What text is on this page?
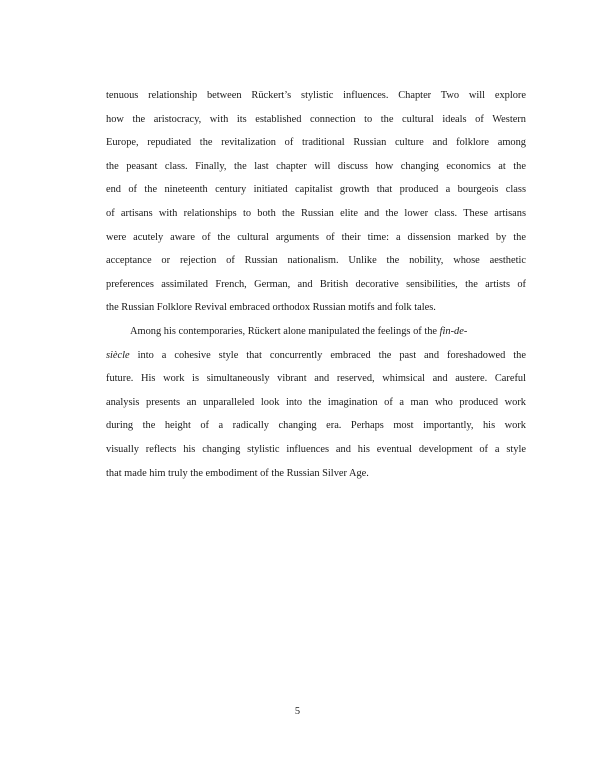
tenuous relationship between Rückert’s stylistic influences. Chapter Two will explore
how the aristocracy, with its established connection to the cultural ideals of Western
Europe, repudiated the revitalization of traditional Russian culture and folklore among
the peasant class. Finally, the last chapter will discuss how changing economics at the
end of the nineteenth century initiated capitalist growth that produced a bourgeois class
of artisans with relationships to both the Russian elite and the lower class. These artisans
were acutely aware of the cultural arguments of their time: a dissension marked by the
acceptance or rejection of Russian nationalism. Unlike the nobility, whose aesthetic
preferences assimilated French, German, and British decorative sensibilities, the artists of
the Russian Folklore Revival embraced orthodox Russian motifs and folk tales.
Among his contemporaries, Rückert alone manipulated the feelings of the fin-de-
siècle into a cohesive style that concurrently embraced the past and foreshadowed the
future. His work is simultaneously vibrant and reserved, whimsical and austere. Careful
analysis presents an unparalleled look into the imagination of a man who produced work
during the height of a radically changing era. Perhaps most importantly, his work
visually reflects his changing stylistic influences and his eventual development of a style
that made him truly the embodiment of the Russian Silver Age.
5
